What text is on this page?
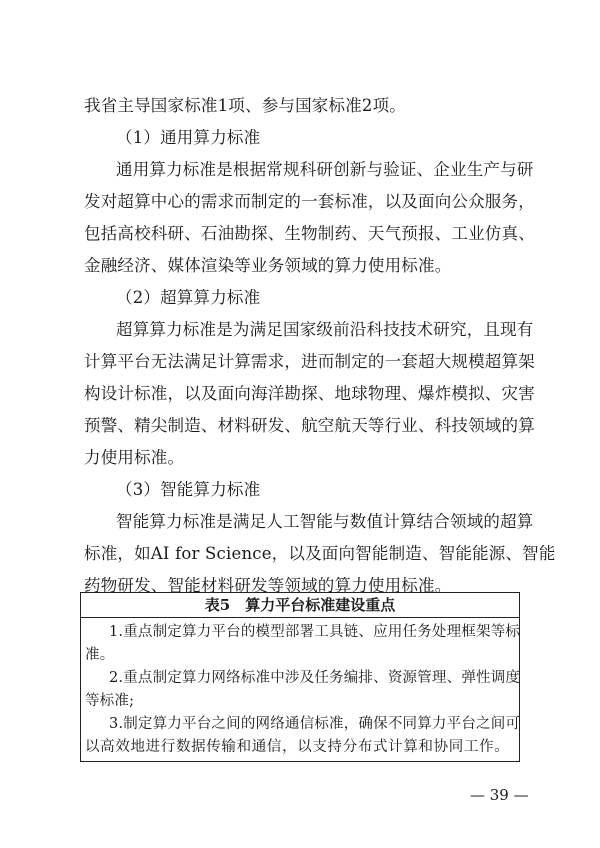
我省主导国家标准1项、参与国家标准2项。
（1）通用算力标准
通用算力标准是根据常规科研创新与验证、企业生产与研
发对超算中心的需求而制定的一套标准，以及面向公众服务，
包括高校科研、石油勘探、生物制药、天气预报、工业仿真、
金融经济、媒体渲染等业务领域的算力使用标准。
（2）超算算力标准
超算算力标准是为满足国家级前沿科技技术研究，且现有
计算平台无法满足计算需求，进而制定的一套超大规模超算架
构设计标准，以及面向海洋勘探、地球物理、爆炸模拟、灾害
预警、精尖制造、材料研发、航空航天等行业、科技领域的算
力使用标准。
（3）智能算力标准
智能算力标准是满足人工智能与数值计算结合领域的超算
标准，如AI for Science，以及面向智能制造、智能能源、智能
药物研发、智能材料研发等领域的算力使用标准。
表5　算力平台标准建设重点
1.重点制定算力平台的模型部署工具链、应用任务处理框架等标
准。
2.重点制定算力网络标准中涉及任务编排、资源管理、弹性调度
等标准;
3.制定算力平台之间的网络通信标准，确保不同算力平台之间可
以高效地进行数据传输和通信，以支持分布式计算和协同工作。
— 39 —
